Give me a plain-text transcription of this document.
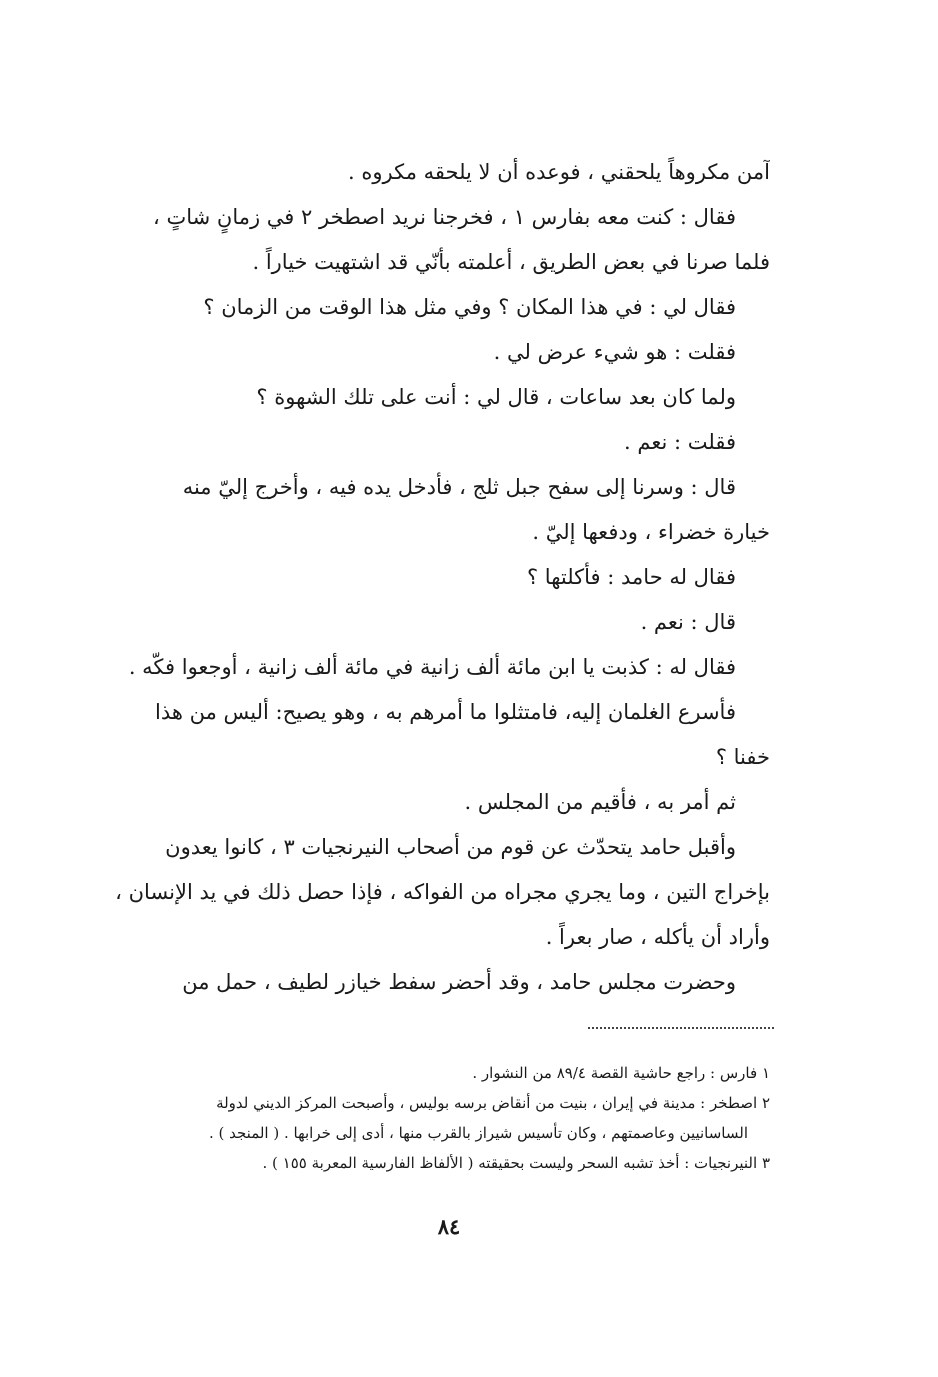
آمن مكروهاً يلحقني ، فوعده أن لا يلحقه مكروه .
فقال : كنت معه بفارس ١ ، فخرجنا نريد اصطخر ٢ في زمانٍ شاتٍ ،
فلما صرنا في بعض الطريق ، أعلمته بأنّي قد اشتهيت خياراً .
فقال لي : في هذا المكان ؟ وفي مثل هذا الوقت من الزمان ؟
فقلت : هو شيء عرض لي .
ولما كان بعد ساعات ، قال لي : أنت على تلك الشهوة ؟
فقلت : نعم .
قال : وسرنا إلى سفح جبل ثلج ، فأدخل يده فيه ، وأخرج إليّ منه
خيارة خضراء ، ودفعها إليّ .
فقال له حامد : فأكلتها ؟
قال : نعم .
فقال له : كذبت يا ابن مائة ألف زانية في مائة ألف زانية ، أوجعوا فكّه .
فأسرع الغلمان إليه، فامتثلوا ما أمرهم به ، وهو يصيح: أليس من هذا
خفنا ؟
ثم أمر به ، فأقيم من المجلس .
وأقبل حامد يتحدّث عن قوم من أصحاب النيرنجيات ٣ ، كانوا يعدون
بإخراج التين ، وما يجري مجراه من الفواكه ، فإذا حصل ذلك في يد الإنسان ،
وأراد أن يأكله ، صار بعراً .
وحضرت مجلس حامد ، وقد أحضر سفط خيازر لطيف ، حمل من
١ فارس : راجع حاشية القصة ٨٩/٤ من النشوار .
٢ اصطخر : مدينة في إيران ، بنيت من أنقاض برسه بوليس ، وأصبحت المركز الديني لدولة
الساسانيين وعاصمتهم ، وكان تأسيس شيراز بالقرب منها ، أدى إلى خرابها . ( المنجد ) .
٣ النيرنجيات : أخذ تشبه السحر وليست بحقيقته ( الألفاظ الفارسية المعربة ١٥٥ ) .
٨٤
